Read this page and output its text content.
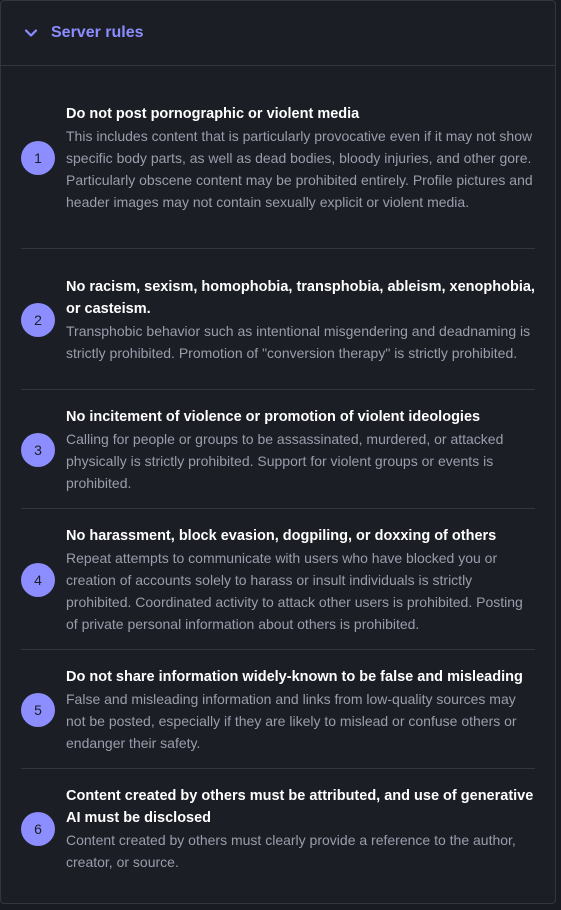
Server rules
1
Do not post pornographic or violent media
This includes content that is particularly provocative even if it may not show specific body parts, as well as dead bodies, bloody injuries, and other gore. Particularly obscene content may be prohibited entirely. Profile pictures and header images may not contain sexually explicit or violent media.
2
No racism, sexism, homophobia, transphobia, ableism, xenophobia, or casteism.
Transphobic behavior such as intentional misgendering and deadnaming is strictly prohibited. Promotion of "conversion therapy" is strictly prohibited.
3
No incitement of violence or promotion of violent ideologies
Calling for people or groups to be assassinated, murdered, or attacked physically is strictly prohibited. Support for violent groups or events is prohibited.
4
No harassment, block evasion, dogpiling, or doxxing of others
Repeat attempts to communicate with users who have blocked you or creation of accounts solely to harass or insult individuals is strictly prohibited. Coordinated activity to attack other users is prohibited. Posting of private personal information about others is prohibited.
5
Do not share information widely-known to be false and misleading
False and misleading information and links from low-quality sources may not be posted, especially if they are likely to mislead or confuse others or endanger their safety.
6
Content created by others must be attributed, and use of generative AI must be disclosed
Content created by others must clearly provide a reference to the author, creator, or source.
